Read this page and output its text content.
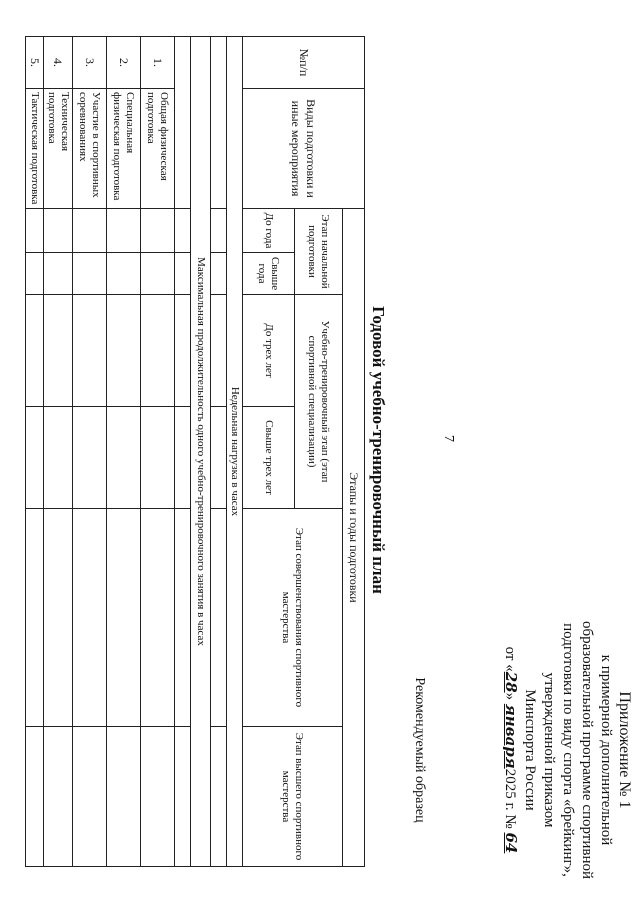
7
Приложение № 1
к примерной дополнительной
образовательной программе спортивной
подготовки по виду спорта «брейкинг»,
утвержденной приказом
Минспорта России
от «28» января2025 г. № 64
Рекомендуемый образец
Годовой учебно-тренировочный план
№п/п	Виды подготовки и иные мероприятия	Этапы и годы подготовки					
		Этап начальной подготовки		Учебно-тренировочный этап (этап спортивной специализации)		Этап совершенствования спортивного мастерства	Этап высшего спортивного мастерства
		До года	Свыше года	До трех лет	Свыше трех лет		
Недельная нагрузка в часах							

Максимальная продолжительность одного учебно-тренировочного занятия в часах							

1.	Общая физическая подготовка						
2.	Специальная физическая подготовка						
3.	Участие в спортивных соревнованиях						
4.	Техническая подготовка						
5.	Тактическая подготовка						
